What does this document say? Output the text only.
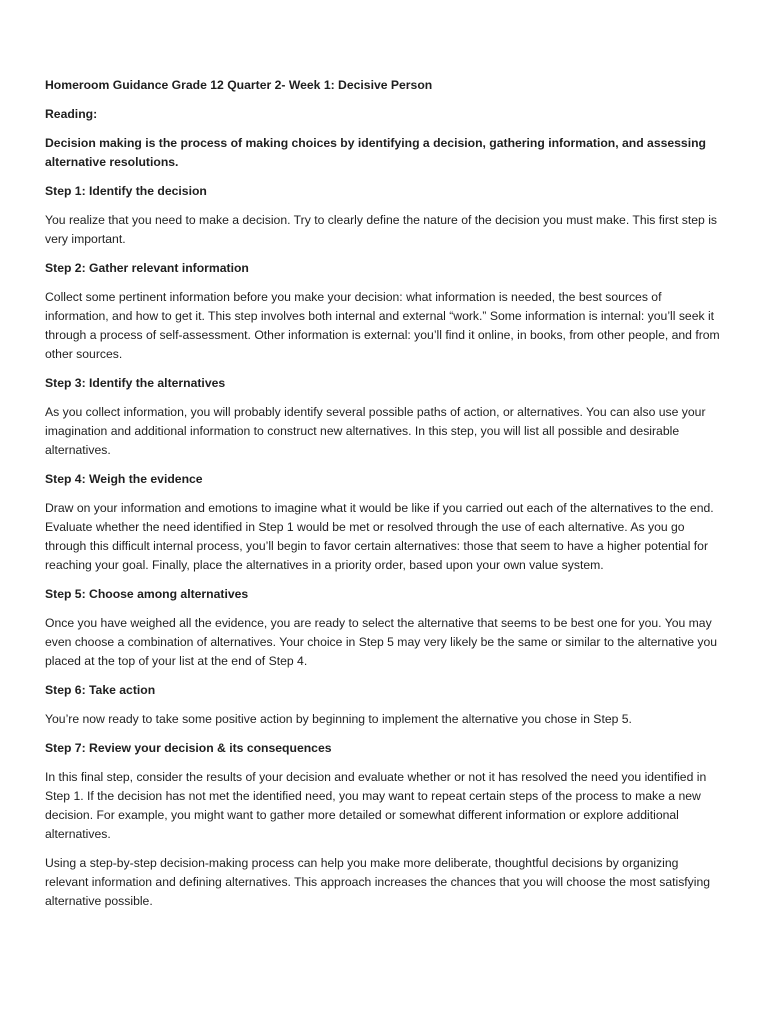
Homeroom Guidance Grade 12 Quarter 2- Week 1: Decisive Person

Reading:

Decision making is the process of making choices by identifying a decision, gathering information, and assessing alternative resolutions.

Step 1: Identify the decision

You realize that you need to make a decision. Try to clearly define the nature of the decision you must make. This first step is very important.

Step 2: Gather relevant information

Collect some pertinent information before you make your decision: what information is needed, the best sources of information, and how to get it. This step involves both internal and external “work.” Some information is internal: you’ll seek it through a process of self-assessment. Other information is external: you’ll find it online, in books, from other people, and from other sources.

Step 3: Identify the alternatives

As you collect information, you will probably identify several possible paths of action, or alternatives. You can also use your imagination and additional information to construct new alternatives. In this step, you will list all possible and desirable alternatives.

Step 4: Weigh the evidence

Draw on your information and emotions to imagine what it would be like if you carried out each of the alternatives to the end. Evaluate whether the need identified in Step 1 would be met or resolved through the use of each alternative. As you go through this difficult internal process, you’ll begin to favor certain alternatives: those that seem to have a higher potential for reaching your goal. Finally, place the alternatives in a priority order, based upon your own value system.

Step 5: Choose among alternatives

Once you have weighed all the evidence, you are ready to select the alternative that seems to be best one for you. You may even choose a combination of alternatives. Your choice in Step 5 may very likely be the same or similar to the alternative you placed at the top of your list at the end of Step 4.

Step 6: Take action

You’re now ready to take some positive action by beginning to implement the alternative you chose in Step 5.

Step 7: Review your decision & its consequences

In this final step, consider the results of your decision and evaluate whether or not it has resolved the need you identified in Step 1. If the decision has not met the identified need, you may want to repeat certain steps of the process to make a new decision. For example, you might want to gather more detailed or somewhat different information or explore additional alternatives.

Using a step-by-step decision-making process can help you make more deliberate, thoughtful decisions by organizing relevant information and defining alternatives. This approach increases the chances that you will choose the most satisfying alternative possible.
